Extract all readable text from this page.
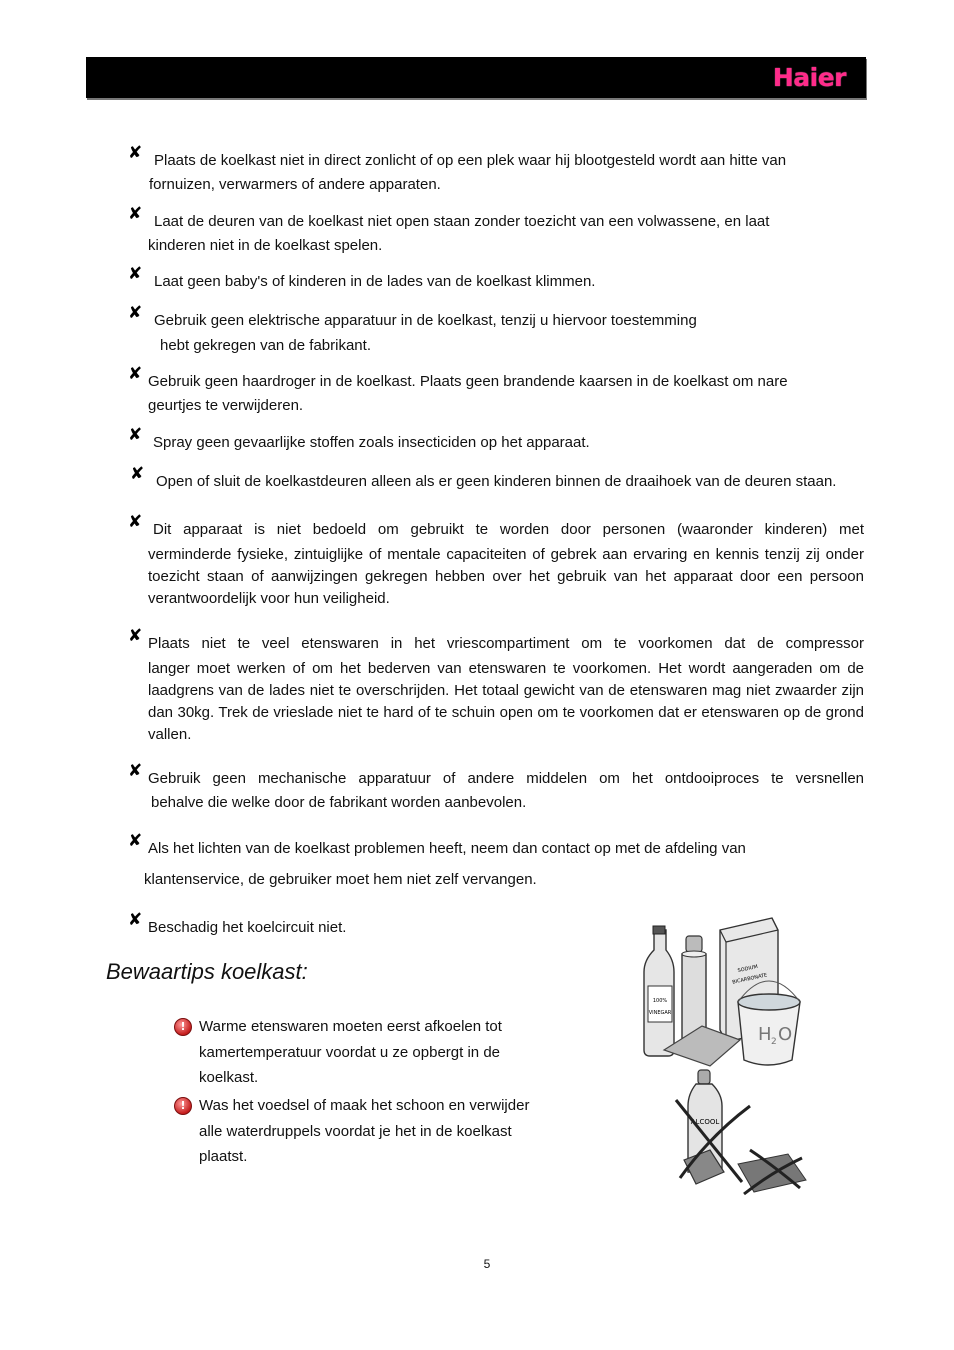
Haier
✘ Plaats de koelkast niet in direct zonlicht of op een plek waar hij blootgesteld wordt aan hitte van
fornuizen, verwarmers of andere apparaten.
✘ Laat de deuren van de koelkast niet open staan zonder toezicht van een volwassene, en laat
kinderen niet in de koelkast spelen.
✘ Laat geen baby's of kinderen in de lades van de koelkast klimmen.
✘ Gebruik geen elektrische apparatuur in de koelkast, tenzij u hiervoor toestemming
hebt gekregen van de fabrikant.
✘ Gebruik geen haardroger in de koelkast. Plaats geen brandende kaarsen in de koelkast om nare
geurtjes te verwijderen.
✘ Spray geen gevaarlijke stoffen zoals insecticiden op het apparaat.
✘ Open of sluit de koelkastdeuren alleen als er geen kinderen binnen de draaihoek van de deuren staan.
✘ Dit apparaat is niet bedoeld om gebruikt te worden door personen (waaronder kinderen) met
verminderde fysieke, zintuiglijke of mentale capaciteiten of gebrek aan ervaring en kennis tenzij zij onder toezicht staan of aanwijzingen gekregen hebben over het gebruik van het apparaat door een persoon verantwoordelijk voor hun veiligheid.
✘ Plaats niet te veel etenswaren in het vriescompartiment om te voorkomen dat de compressor
langer moet werken of om het bederven van etenswaren te voorkomen. Het wordt aangeraden om de laadgrens van de lades niet te overschrijden. Het totaal gewicht van de etenswaren mag niet zwaarder zijn dan 30kg. Trek de vrieslade niet te hard of te schuin open om te voorkomen dat er etenswaren op de grond vallen.
✘ Gebruik geen mechanische apparatuur of andere middelen om het ontdooiproces te versnellen
behalve die welke door de fabrikant worden aanbevolen.
✘ Als het lichten van de koelkast problemen heeft, neem dan contact op met de afdeling van
klantenservice, de gebruiker moet hem niet zelf vervangen.
✘ Beschadig het koelcircuit niet.
Bewaartips koelkast:
! Warme etenswaren moeten eerst afkoelen tot kamertemperatuur voordat u ze opbergt in de koelkast.
! Was het voedsel of maak het schoon en verwijder alle waterdruppels voordat je het in de koelkast plaatst.
100%
VINEGAR
SODIUM
BICARBONATE
H 2 O
ALCOOL
5
